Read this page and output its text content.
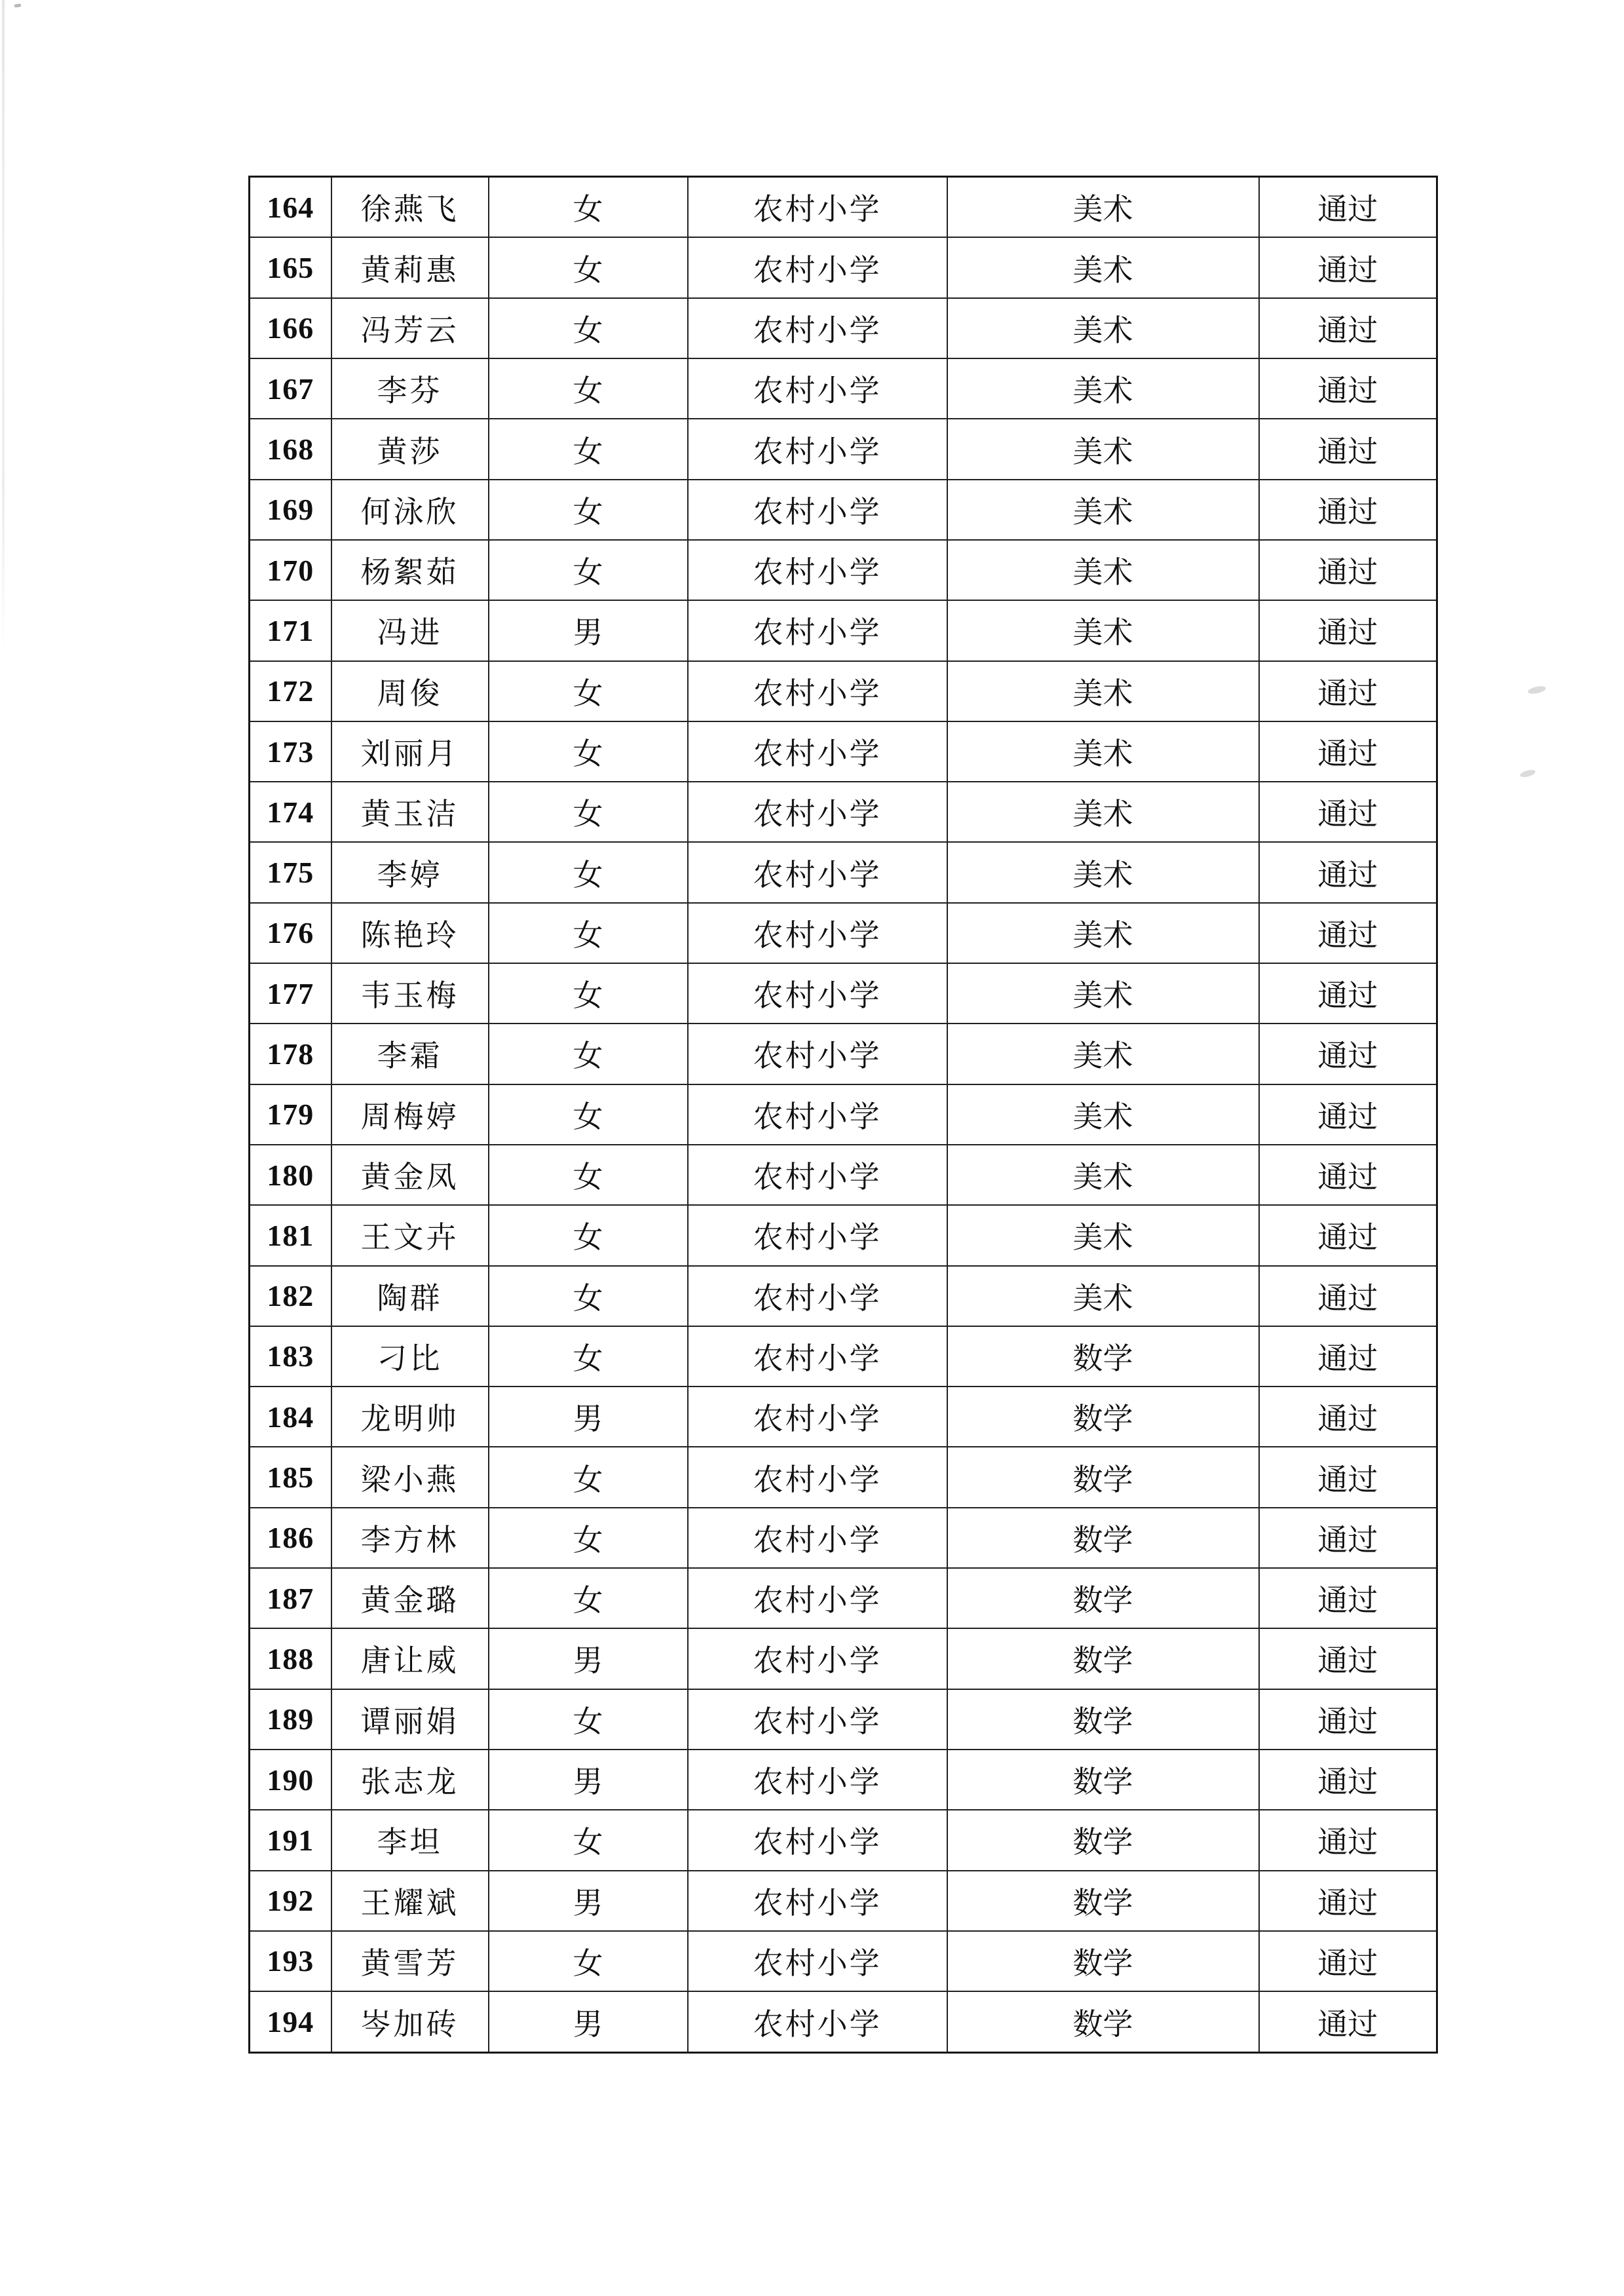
164	徐燕飞	女	农村小学	美术	通过
165	黄莉惠	女	农村小学	美术	通过
166	冯芳云	女	农村小学	美术	通过
167	李芬	女	农村小学	美术	通过
168	黄莎	女	农村小学	美术	通过
169	何泳欣	女	农村小学	美术	通过
170	杨絮茹	女	农村小学	美术	通过
171	冯进	男	农村小学	美术	通过
172	周俊	女	农村小学	美术	通过
173	刘丽月	女	农村小学	美术	通过
174	黄玉洁	女	农村小学	美术	通过
175	李婷	女	农村小学	美术	通过
176	陈艳玲	女	农村小学	美术	通过
177	韦玉梅	女	农村小学	美术	通过
178	李霜	女	农村小学	美术	通过
179	周梅婷	女	农村小学	美术	通过
180	黄金凤	女	农村小学	美术	通过
181	王文卉	女	农村小学	美术	通过
182	陶群	女	农村小学	美术	通过
183	刁比	女	农村小学	数学	通过
184	龙明帅	男	农村小学	数学	通过
185	梁小燕	女	农村小学	数学	通过
186	李方林	女	农村小学	数学	通过
187	黄金璐	女	农村小学	数学	通过
188	唐让威	男	农村小学	数学	通过
189	谭丽娟	女	农村小学	数学	通过
190	张志龙	男	农村小学	数学	通过
191	李坦	女	农村小学	数学	通过
192	王耀斌	男	农村小学	数学	通过
193	黄雪芳	女	农村小学	数学	通过
194	岑加砖	男	农村小学	数学	通过
